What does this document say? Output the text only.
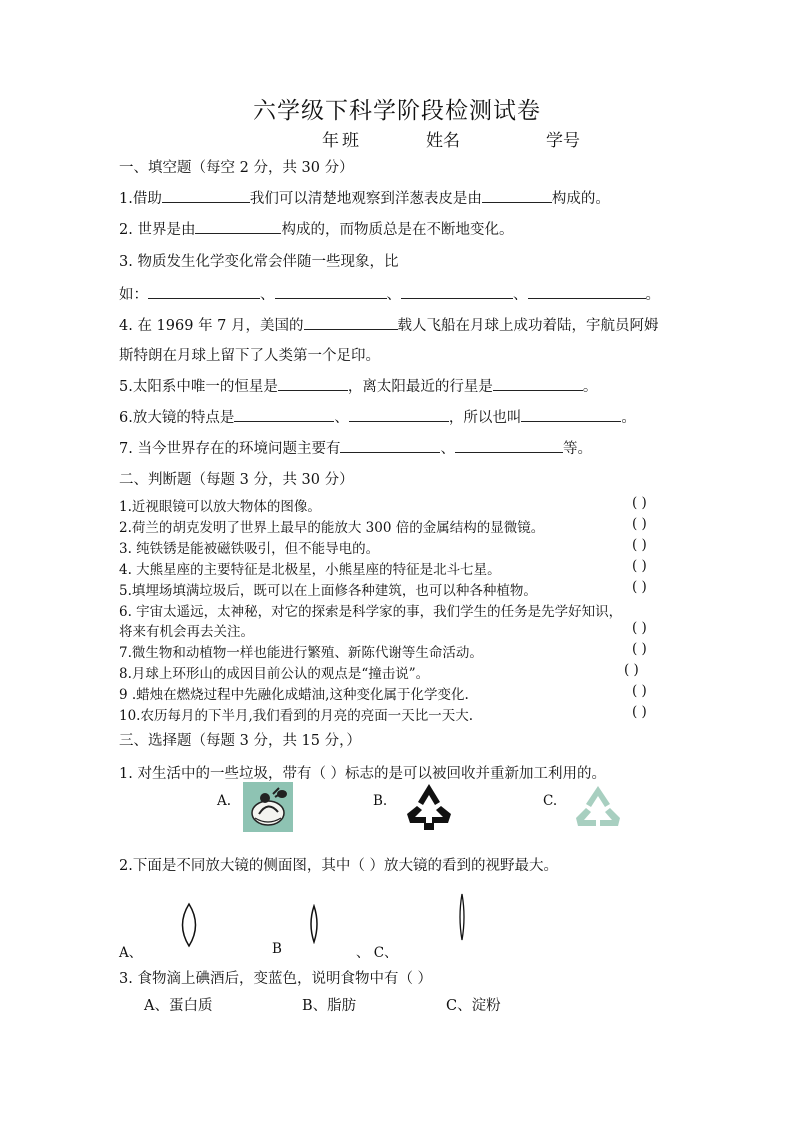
六学级下科学阶段检测试卷
年 班	姓名	学号
一、填空题（每空 2 分，共 30 分）
1.借助	我们可以清楚地观察到洋葱表皮是由	构成的。
2. 世界是由	构成的，而物质总是在不断地变化。
3. 物质发生化学变化常会伴随一些现象，比
如：	、	、	、	。
4. 在 1969 年 7 月，美国的	载人飞船在月球上成功着陆，宇航员阿姆
斯特朗在月球上留下了人类第一个足印。
5.太阳系中唯一的恒星是	，离太阳最近的行星是	。
6.放大镜的特点是	、	，所以也叫	。
7. 当今世界存在的环境问题主要有	、	等。
二、判断题（每题 3 分，共 30 分）
1.近视眼镜可以放大物体的图像。	( )
2.荷兰的胡克发明了世界上最早的能放大 300 倍的金属结构的显微镜。	( )
3. 纯铁锈是能被磁铁吸引，但不能导电的。	( )
4. 大熊星座的主要特征是北极星，小熊星座的特征是北斗七星。	( )
5.填埋场填满垃圾后，既可以在上面修各种建筑，也可以种各种植物。	( )
6. 宇宙太遥远，太神秘，对它的探索是科学家的事，我们学生的任务是先学好知识，
将来有机会再去关注。	( )
7.微生物和动植物一样也能进行繁殖、新陈代谢等生命活动。	( )
8.月球上环形山的成因目前公认的观点是“撞击说”。	( )
9 .蜡烛在燃烧过程中先融化成蜡油,这种变化属于化学变化.	( )
10.农历每月的下半月,我们看到的月亮的亮面一天比一天大.	( )
三、选择题（每题 3 分，共 15 分，）
1. 对生活中的一些垃圾，带有（ ）标志的是可以被回收并重新加工利用的。
A.	B.	C.
2.下面是不同放大镜的侧面图，其中（ ）放大镜的看到的视野最大。
A、	B	、 C、
3. 食物滴上碘酒后，变蓝色，说明食物中有（ ）
A、蛋白质	B、脂肪	C、淀粉
